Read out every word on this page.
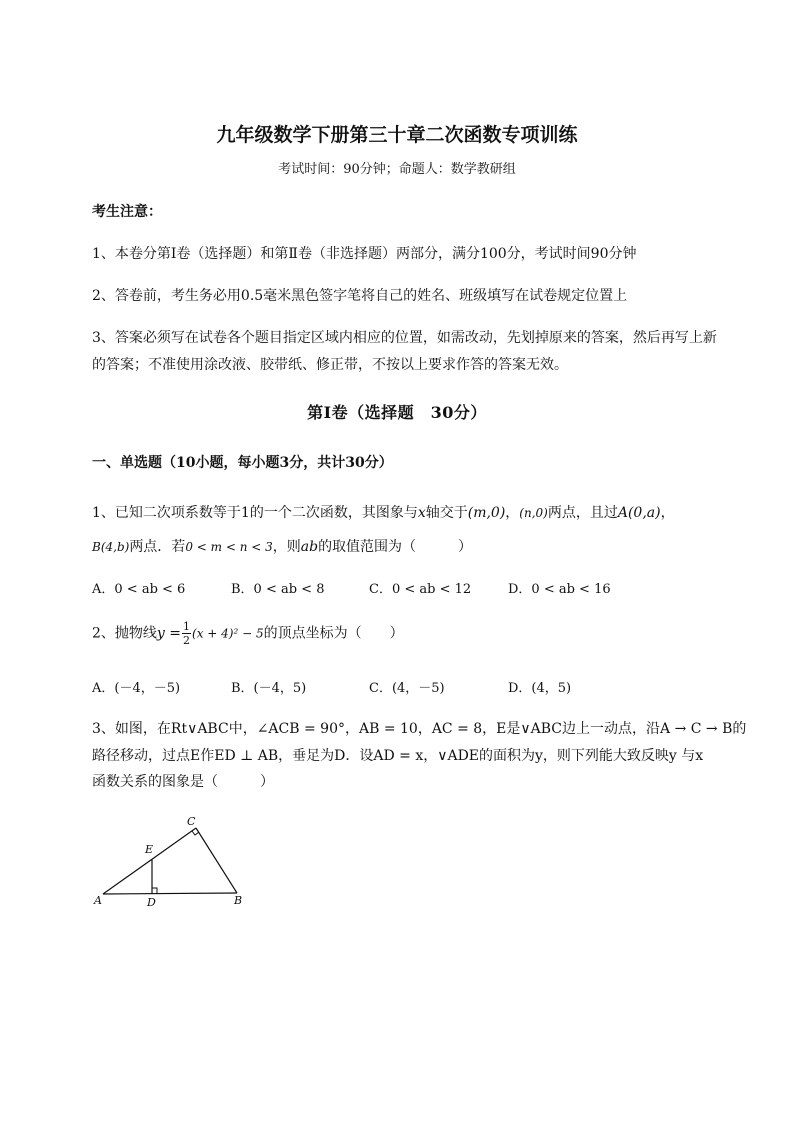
九年级数学下册第三十章二次函数专项训练
考试时间：90分钟；命题人：数学教研组
考生注意：
1、本卷分第I卷（选择题）和第Ⅱ卷（非选择题）两部分，满分100分，考试时间90分钟
2、答卷前，考生务必用0.5毫米黑色签字笔将自己的姓名、班级填写在试卷规定位置上
3、答案必须写在试卷各个题目指定区域内相应的位置，如需改动，先划掉原来的答案，然后再写上新
的答案；不准使用涂改液、胶带纸、修正带，不按以上要求作答的答案无效。
第I卷（选择题　30分）
一、单选题（10小题，每小题3分，共计30分）
1、已知二次项系数等于1的一个二次函数，其图象与x轴交于(m,0)，(n,0)两点，且过A(0,a)，
B(4,b)两点．若0 < m < n < 3，则ab的取值范围为（　　　）
A．0 < ab < 6	B．0 < ab < 8	C．0 < ab < 12	D．0 < ab < 16
2、抛物线$y = \frac{1}{2} (x + 4)^2 - 5$的顶点坐标为（　　）
A．(－4，－5)	B．(－4，5)	C．(4，－5)	D．(4，5)
3、如图，在Rt∨ABC中，∠ACB = 90°，AB = 10，AC = 8，E是∨ABC边上一动点，沿A → C → B的
路径移动，过点E作ED ⊥ AB，垂足为D．设AD = x，∨ADE的面积为y，则下列能大致反映y 与x
函数关系的图象是（　　　）
A	B
C
D
E
